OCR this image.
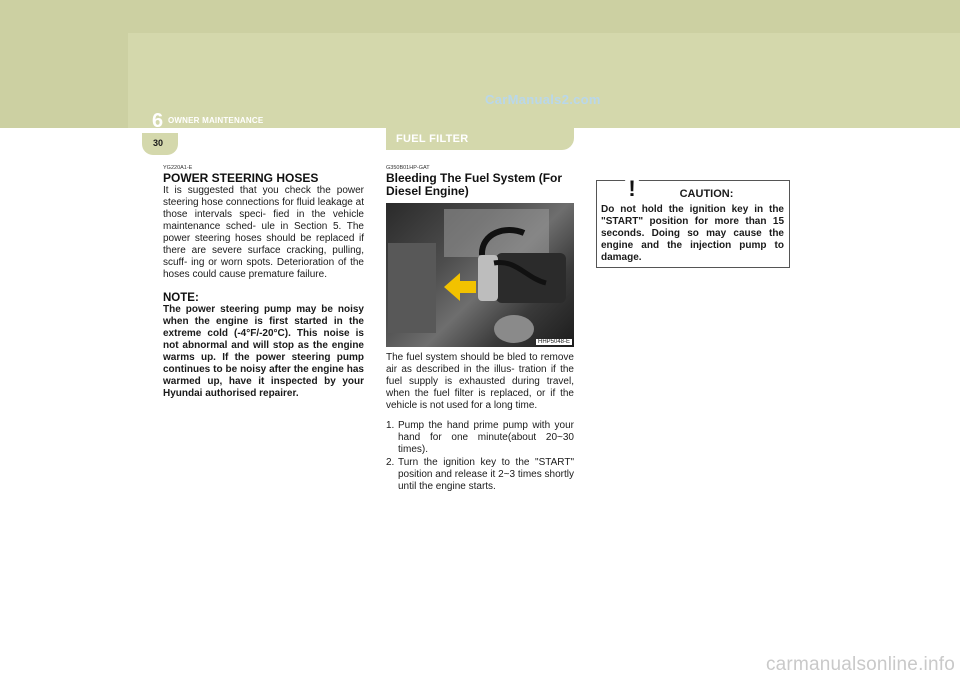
6 OWNER MAINTENANCE
30
CarManuals2.com
FUEL FILTER
YG220A1-E
POWER STEERING HOSES
It is suggested that you check the power steering hose connections for fluid leakage at those intervals speci- fied in the vehicle maintenance sched- ule in Section 5. The power steering hoses should be replaced if there are severe surface cracking, pulling, scuff- ing or worn spots. Deterioration of the hoses could cause premature failure.
NOTE:
The power steering pump may be noisy when the engine is first started in the extreme cold (-4°F/-20°C). This noise is not abnormal and will stop as the engine warms up. If the power steering pump continues to be noisy after the engine has warmed up, have it inspected by your Hyundai authorised repairer.
G350B01HP-GAT
Bleeding The Fuel System (For Diesel Engine)
HHP5048-E
The fuel system should be bled to remove air as described in the illus- tration if the fuel supply is exhausted during travel, when the fuel filter is replaced, or if the vehicle is not used for a long time.
1. Pump the hand prime pump with your hand for one minute(about 20~30 times).
2. Turn the ignition key to the "START" position and release it 2~3 times shortly until the engine starts.
!	CAUTION:
Do not hold the ignition key in the "START" position for more than 15 seconds. Doing so may cause the engine and the injection pump to damage.
carmanualsonline.info
